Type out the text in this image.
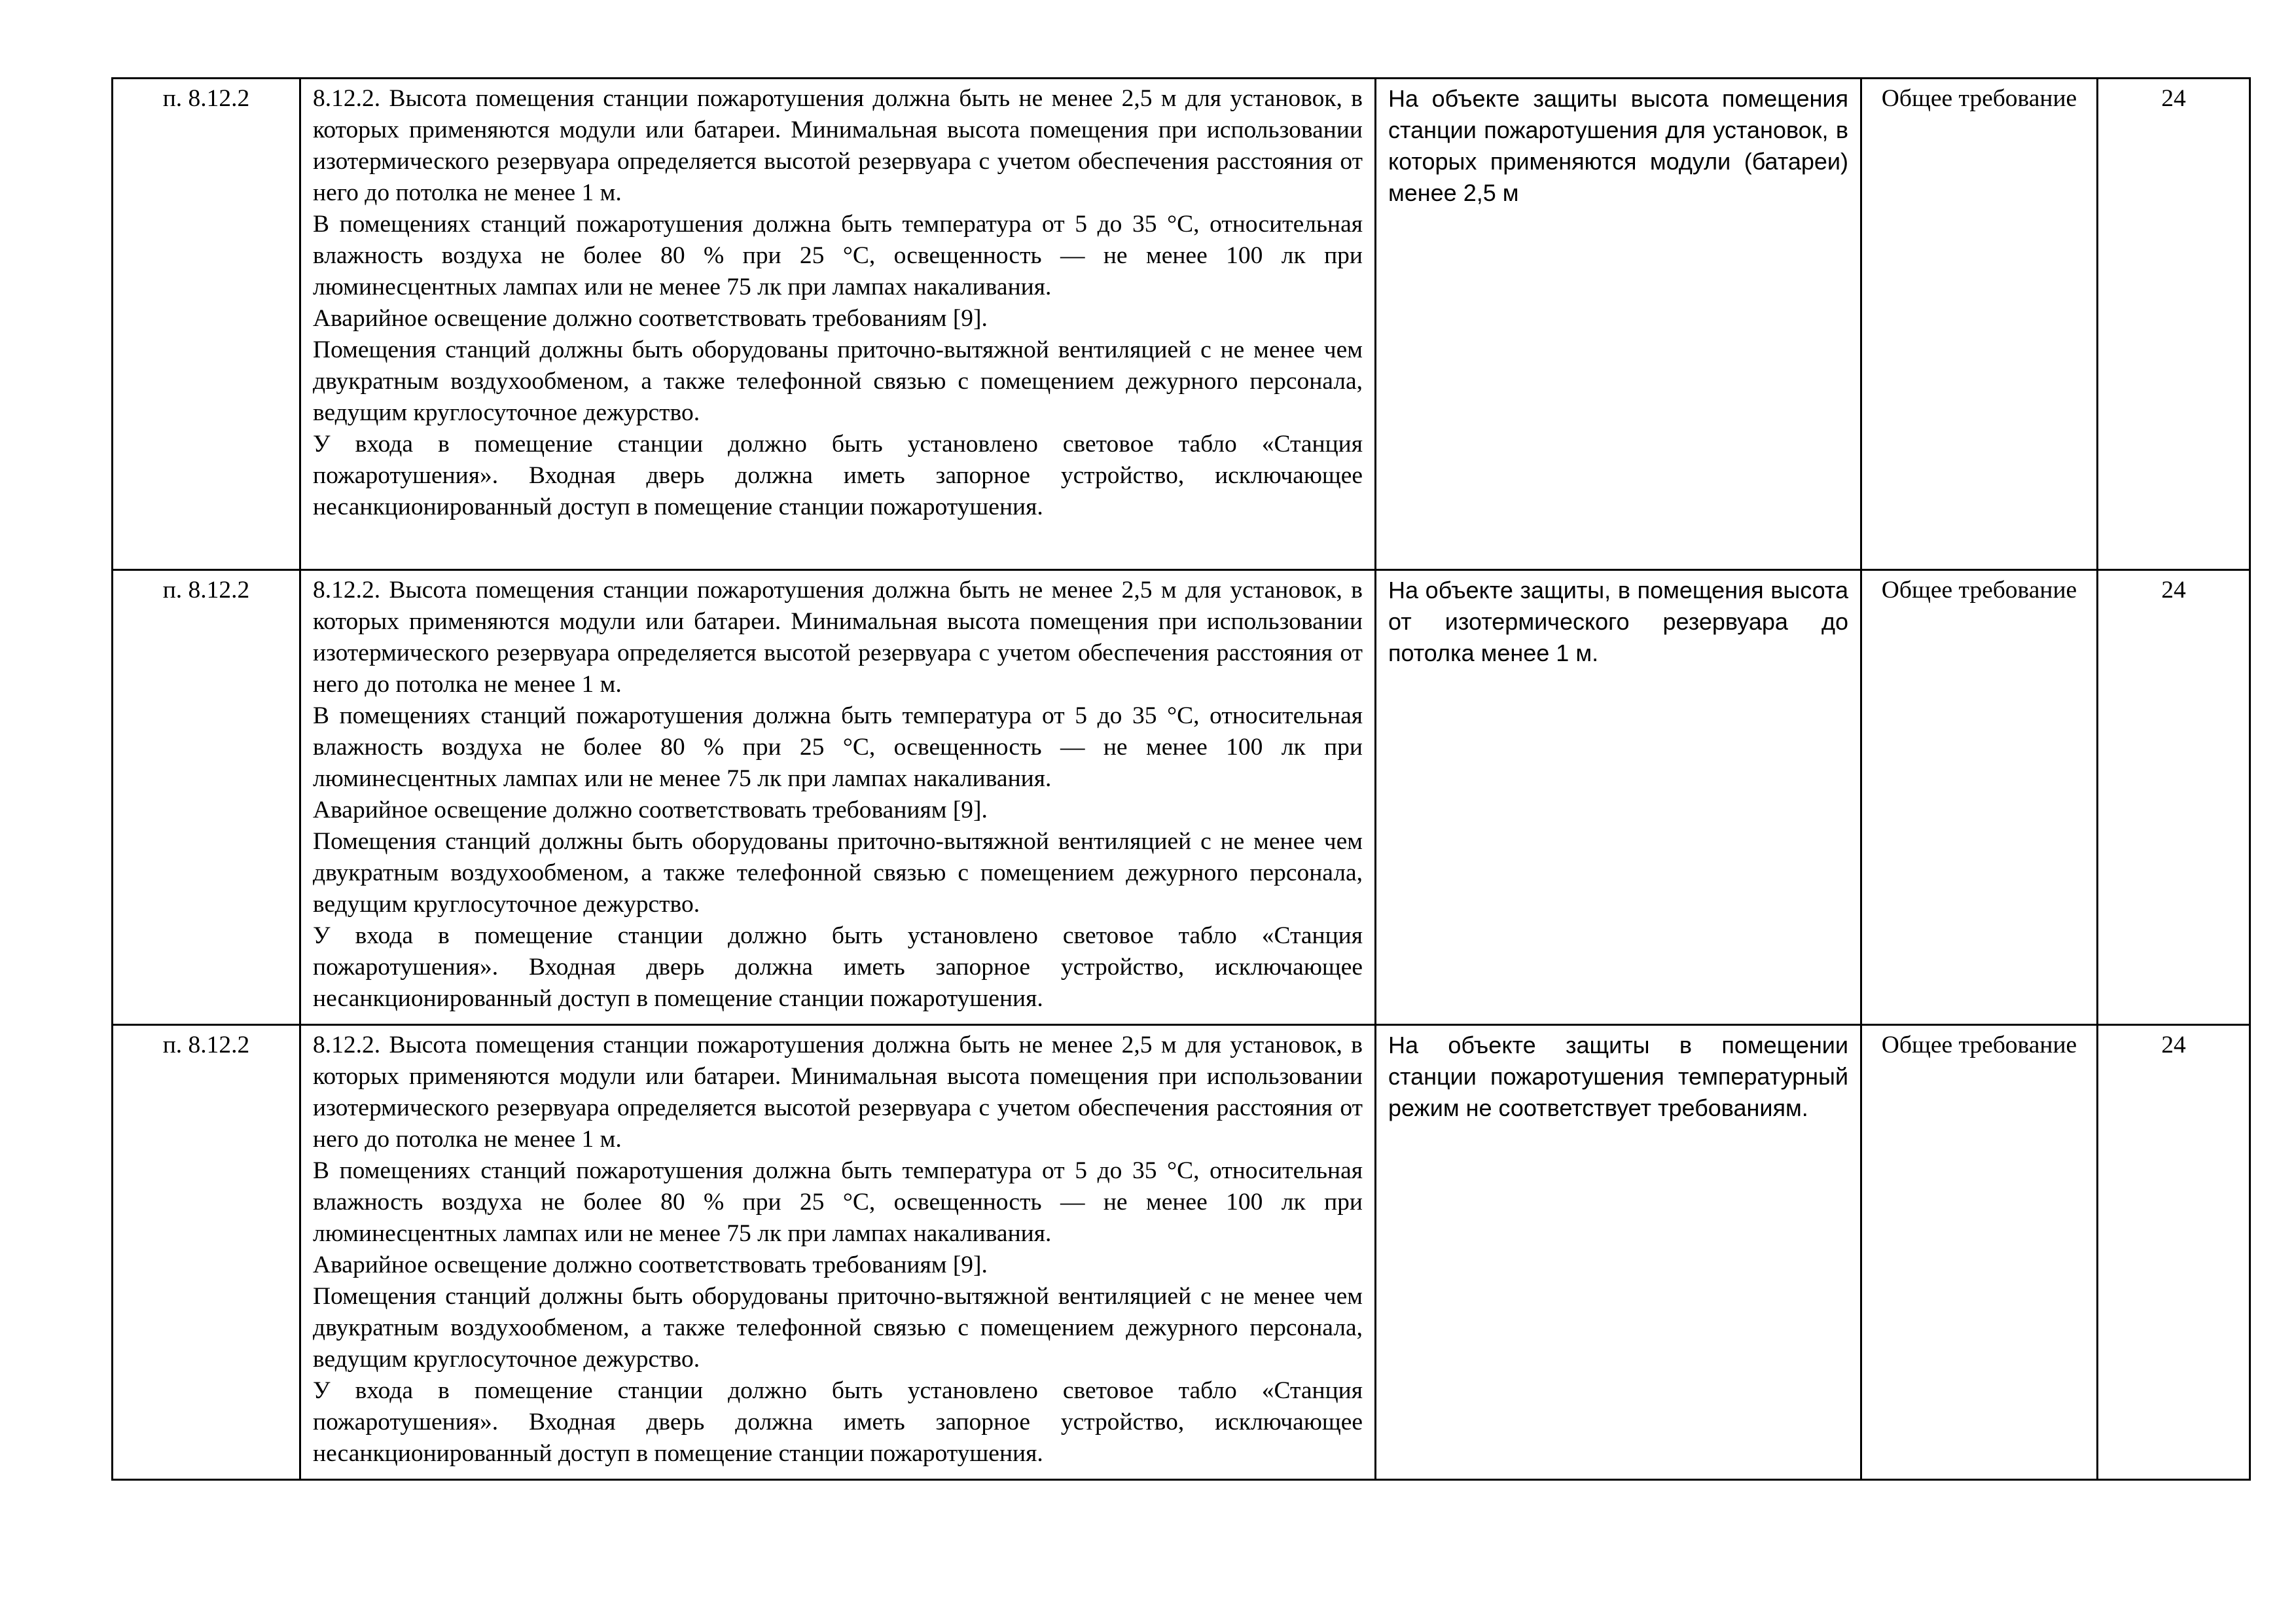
п. 8.12.2	8.12.2. Высота помещения станции пожаротушения должна быть не менее 2,5 м для установок, в которых применяются модули или батареи. Минимальная высота помещения при использовании изотермического резервуара определяется высотой резервуара с учетом обеспечения расстояния от него до потолка не менее 1 м.

В помещениях станций пожаротушения должна быть температура от 5 до 35 °С, относительная влажность воздуха не более 80 % при 25 °С, освещенность — не менее 100 лк при люминесцентных лампах или не менее 75 лк при лампах накаливания.

Аварийное освещение должно соответствовать требованиям [9].

Помещения станций должны быть оборудованы приточно-вытяжной вентиляцией с не менее чем двукратным воздухообменом, а также телефонной связью с помещением дежурного персонала, ведущим круглосуточное дежурство.

У входа в помещение станции должно быть установлено световое табло «Станция пожаротушения». Входная дверь должна иметь запорное устройство, исключающее несанкционированный доступ в помещение станции пожаротушения.	На объекте защиты высота помещения станции пожаротушения для установок, в которых применяются модули (батареи) менее 2,5 м	Общее требование	24
п. 8.12.2	8.12.2. Высота помещения станции пожаротушения должна быть не менее 2,5 м для установок, в которых применяются модули или батареи. Минимальная высота помещения при использовании изотермического резервуара определяется высотой резервуара с учетом обеспечения расстояния от него до потолка не менее 1 м.

В помещениях станций пожаротушения должна быть температура от 5 до 35 °С, относительная влажность воздуха не более 80 % при 25 °С, освещенность — не менее 100 лк при люминесцентных лампах или не менее 75 лк при лампах накаливания.

Аварийное освещение должно соответствовать требованиям [9].

Помещения станций должны быть оборудованы приточно-вытяжной вентиляцией с не менее чем двукратным воздухообменом, а также телефонной связью с помещением дежурного персонала, ведущим круглосуточное дежурство.

У входа в помещение станции должно быть установлено световое табло «Станция пожаротушения». Входная дверь должна иметь запорное устройство, исключающее несанкционированный доступ в помещение станции пожаротушения.	На объекте защиты, в помещения высота от изотермического резервуара до потолка менее 1 м.	Общее требование	24
п. 8.12.2	8.12.2. Высота помещения станции пожаротушения должна быть не менее 2,5 м для установок, в которых применяются модули или батареи. Минимальная высота помещения при использовании изотермического резервуара определяется высотой резервуара с учетом обеспечения расстояния от него до потолка не менее 1 м.

В помещениях станций пожаротушения должна быть температура от 5 до 35 °С, относительная влажность воздуха не более 80 % при 25 °С, освещенность — не менее 100 лк при люминесцентных лампах или не менее 75 лк при лампах накаливания.

Аварийное освещение должно соответствовать требованиям [9].

Помещения станций должны быть оборудованы приточно-вытяжной вентиляцией с не менее чем двукратным воздухообменом, а также телефонной связью с помещением дежурного персонала, ведущим круглосуточное дежурство.

У входа в помещение станции должно быть установлено световое табло «Станция пожаротушения». Входная дверь должна иметь запорное устройство, исключающее несанкционированный доступ в помещение станции пожаротушения.	На объекте защиты в помещении станции пожаротушения температурный режим не соответствует требованиям.	Общее требование	24
